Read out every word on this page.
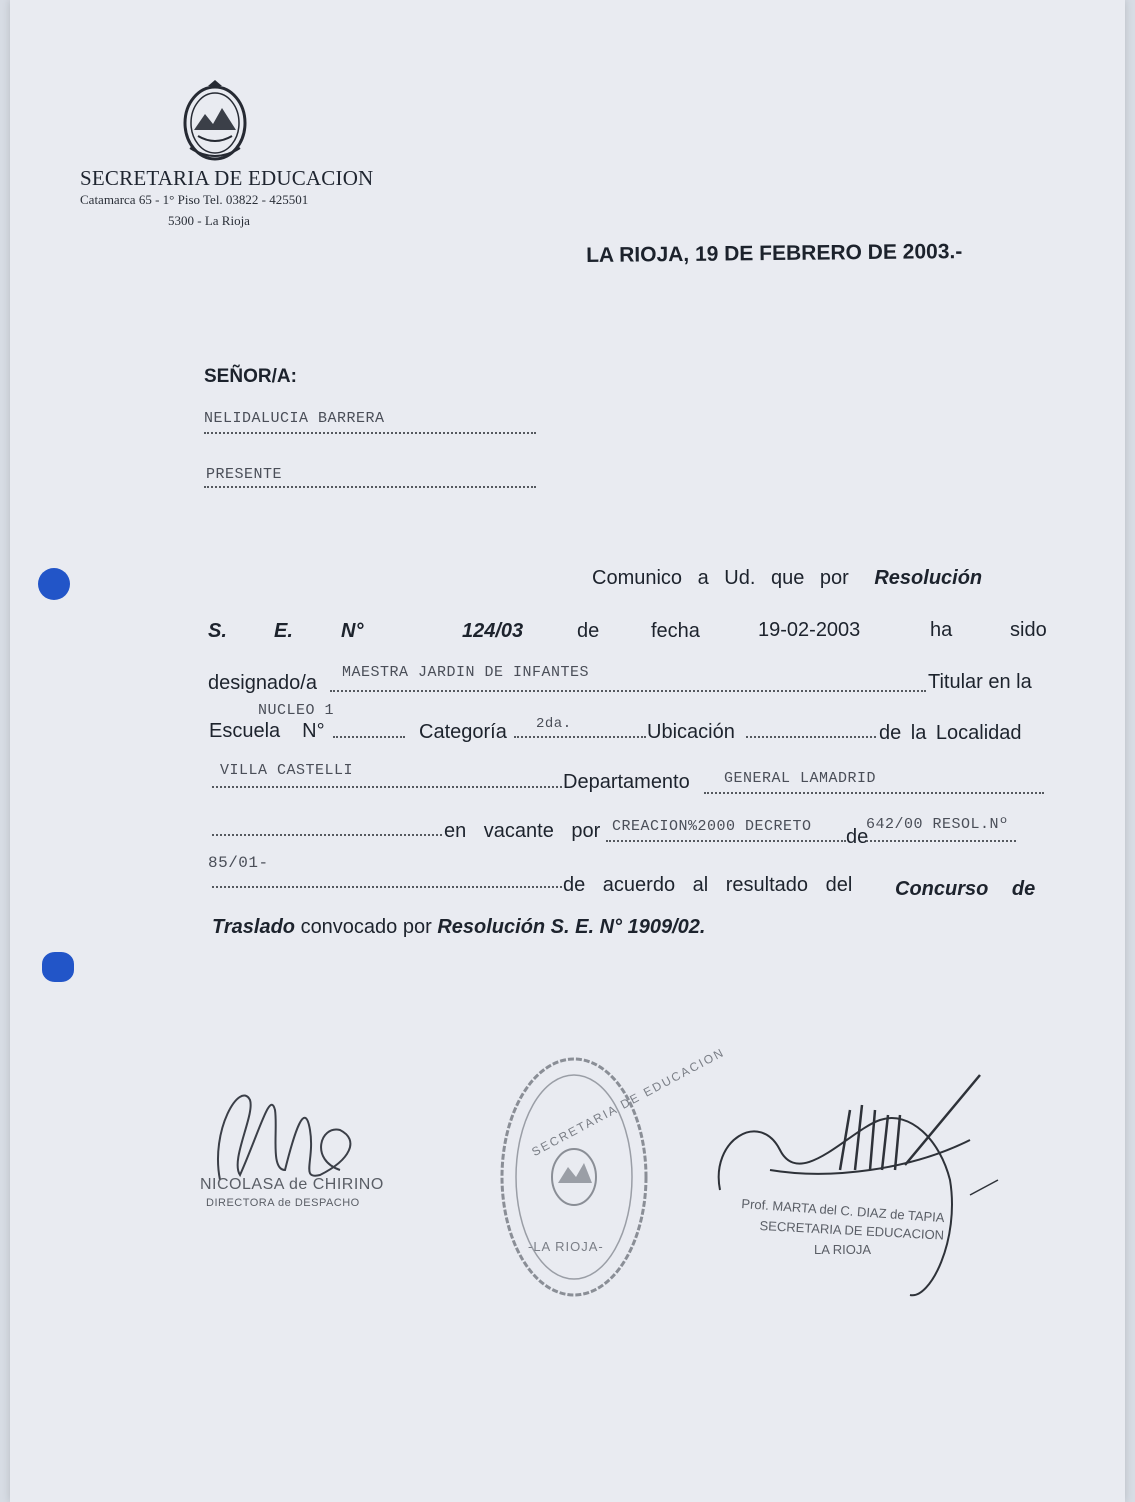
SECRETARIA DE EDUCACION
Catamarca 65 - 1° Piso Tel. 03822 - 425501
5300 - La Rioja
LA RIOJA, 19 DE FEBRERO DE 2003.-
SEÑOR/A:
NELIDALUCIA BARRERA
PRESENTE
Comunico a Ud. que por Resolución
S. E. N°	124/03	de	fecha	19-02-2003	ha	sido
designado/a MAESTRA JARDIN DE INFANTES	Titular en la
NUCLEO 1
Escuela N°	Categoría 2da.	Ubicación	de la Localidad
VILLA CASTELLI
Departamento GENERAL LAMADRID
en vacante por CREACION%2000 DECRETO de
642/00 RESOL.Nº
85/01-
de acuerdo al resultado del Concurso de
Traslado convocado por Resolución S. E. N° 1909/02.
NICOLASA de CHIRINO
DIRECTORA de DESPACHO
SECRETARIA DE EDUCACION
-LA RIOJA-
Prof. MARTA del C. DIAZ de TAPIA
SECRETARIA DE EDUCACION
LA RIOJA
